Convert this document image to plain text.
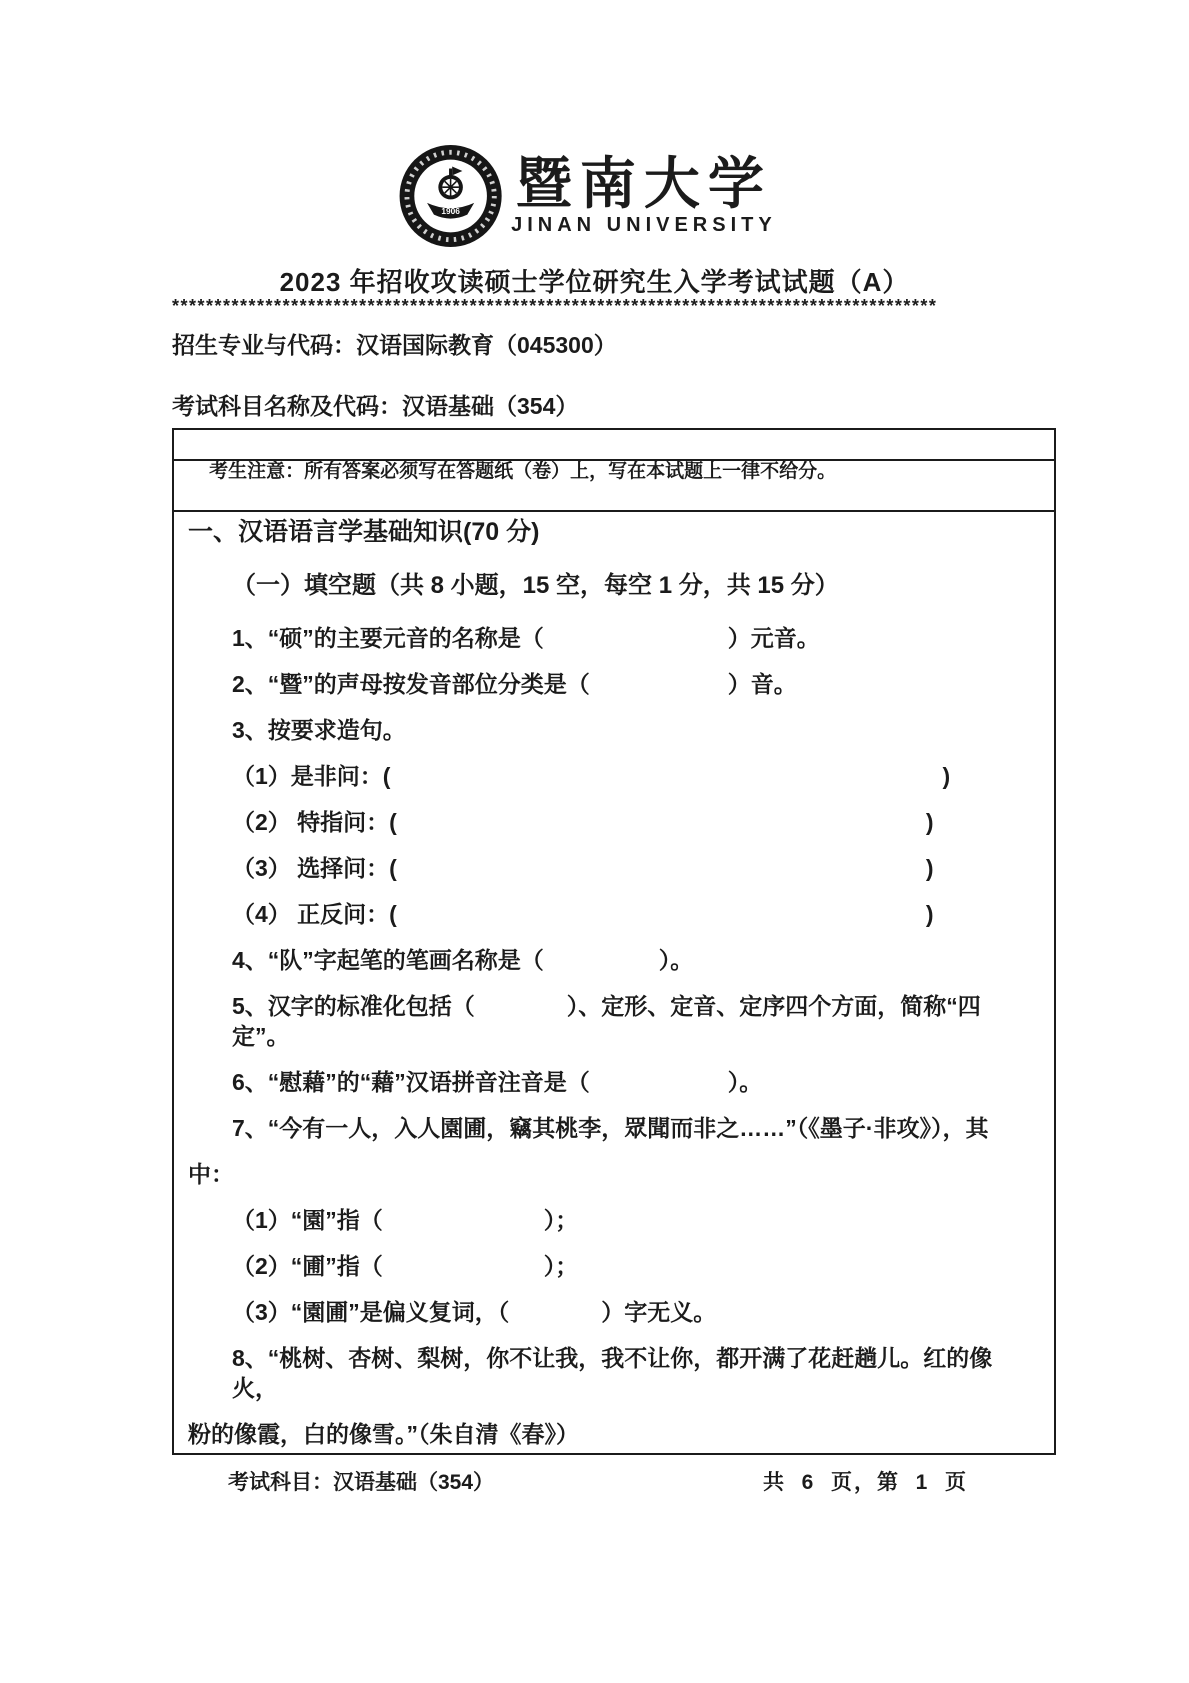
1906 暨南大学
JINAN UNIVERSITY
2023 年招收攻读硕士学位研究生入学考试试题（A）
******************************************************************************************
招生专业与代码：汉语国际教育（045300）
考试科目名称及代码：汉语基础（354）

考生注意：所有答案必须写在答题纸（卷）上，写在本试题上一律不给分。

一、汉语语言学基础知识(70 分)
（一）填空题（共 8 小题，15 空，每空 1 分，共 15 分）
1、“硕”的主要元音的名称是（　　　　　　　　）元音。
2、“暨”的声母按发音部位分类是（　　　　　　）音。
3、按要求造句。
（1）是非问：(　　　　　　　　　　　　　　　　　　　　　　　　)
（2） 特指问：(　　　　　　　　　　　　　　　　　　　　　　　)
（3） 选择问：(　　　　　　　　　　　　　　　　　　　　　　　)
（4） 正反问：(　　　　　　　　　　　　　　　　　　　　　　　)
4、“队”字起笔的笔画名称是（　　　　　）。
5、汉字的标准化包括（　　　　）、定形、定音、定序四个方面，简称“四定”。
6、“慰藉”的“藉”汉语拼音注音是（　　　　　　）。
7、“今有一人，入人園圃，竊其桃李，眾聞而非之……”（《墨子·非攻》），其
中：
（1）“園”指（　　　　　　　）；
（2）“圃”指（　　　　　　　）；
（3）“園圃”是偏义复词，（　　　　）字无义。
8、“桃树、杏树、梨树，你不让我，我不让你，都开满了花赶趟儿。红的像火，
粉的像霞，白的像雪。”（朱自清《春》）
考试科目：汉语基础（354）	共  6  页，第  1  页
